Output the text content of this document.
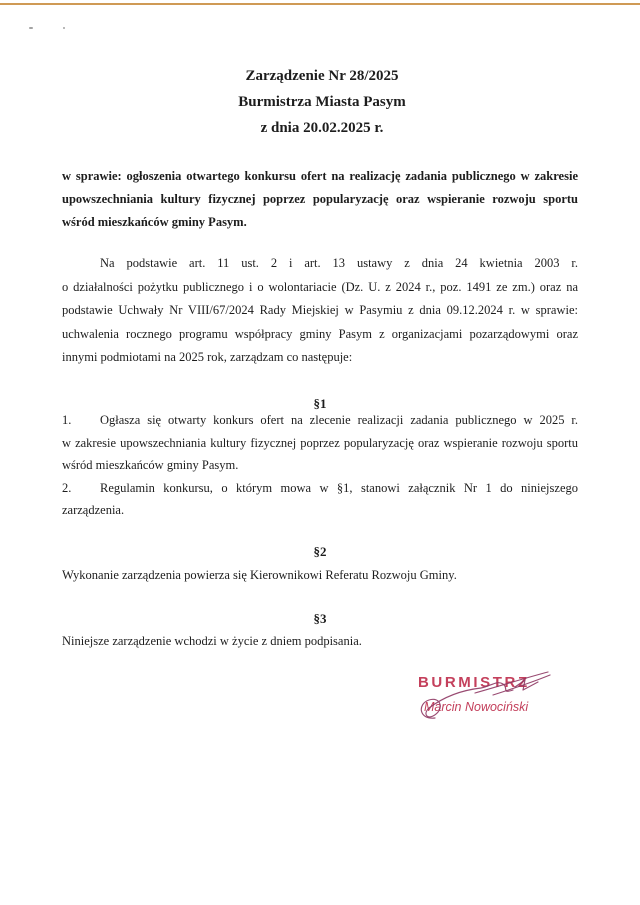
Zarządzenie Nr 28/2025
Burmistrza Miasta Pasym
z dnia 20.02.2025 r.
w sprawie: ogłoszenia otwartego konkursu ofert na realizację zadania publicznego w zakresie
upowszechniania kultury fizycznej poprzez popularyzację oraz wspieranie rozwoju sportu
wśród mieszkańców gminy Pasym.
Na podstawie art. 11 ust. 2 i art. 13 ustawy z dnia 24 kwietnia 2003 r.
o działalności pożytku publicznego i o wolontariacie (Dz. U. z 2024 r., poz. 1491 ze zm.) oraz na
podstawie Uchwały Nr VIII/67/2024 Rady Miejskiej w Pasymiu z dnia 09.12.2024 r. w sprawie:
uchwalenia rocznego programu współpracy gminy Pasym z organizacjami pozarządowymi oraz
innymi podmiotami na 2025 rok, zarządzam co następuje:
§1
1. Ogłasza się otwarty konkurs ofert na zlecenie realizacji zadania publicznego w 2025 r.
w zakresie upowszechniania kultury fizycznej poprzez popularyzację oraz wspieranie rozwoju sportu
wśród mieszkańców gminy Pasym.
2. Regulamin konkursu, o którym mowa w §1, stanowi załącznik Nr 1 do niniejszego
zarządzenia.
§2
Wykonanie zarządzenia powierza się Kierownikowi Referatu Rozwoju Gminy.
§3
Niniejsze zarządzenie wchodzi w życie z dniem podpisania.
BURMISTRZ
Marcin Nowociński
